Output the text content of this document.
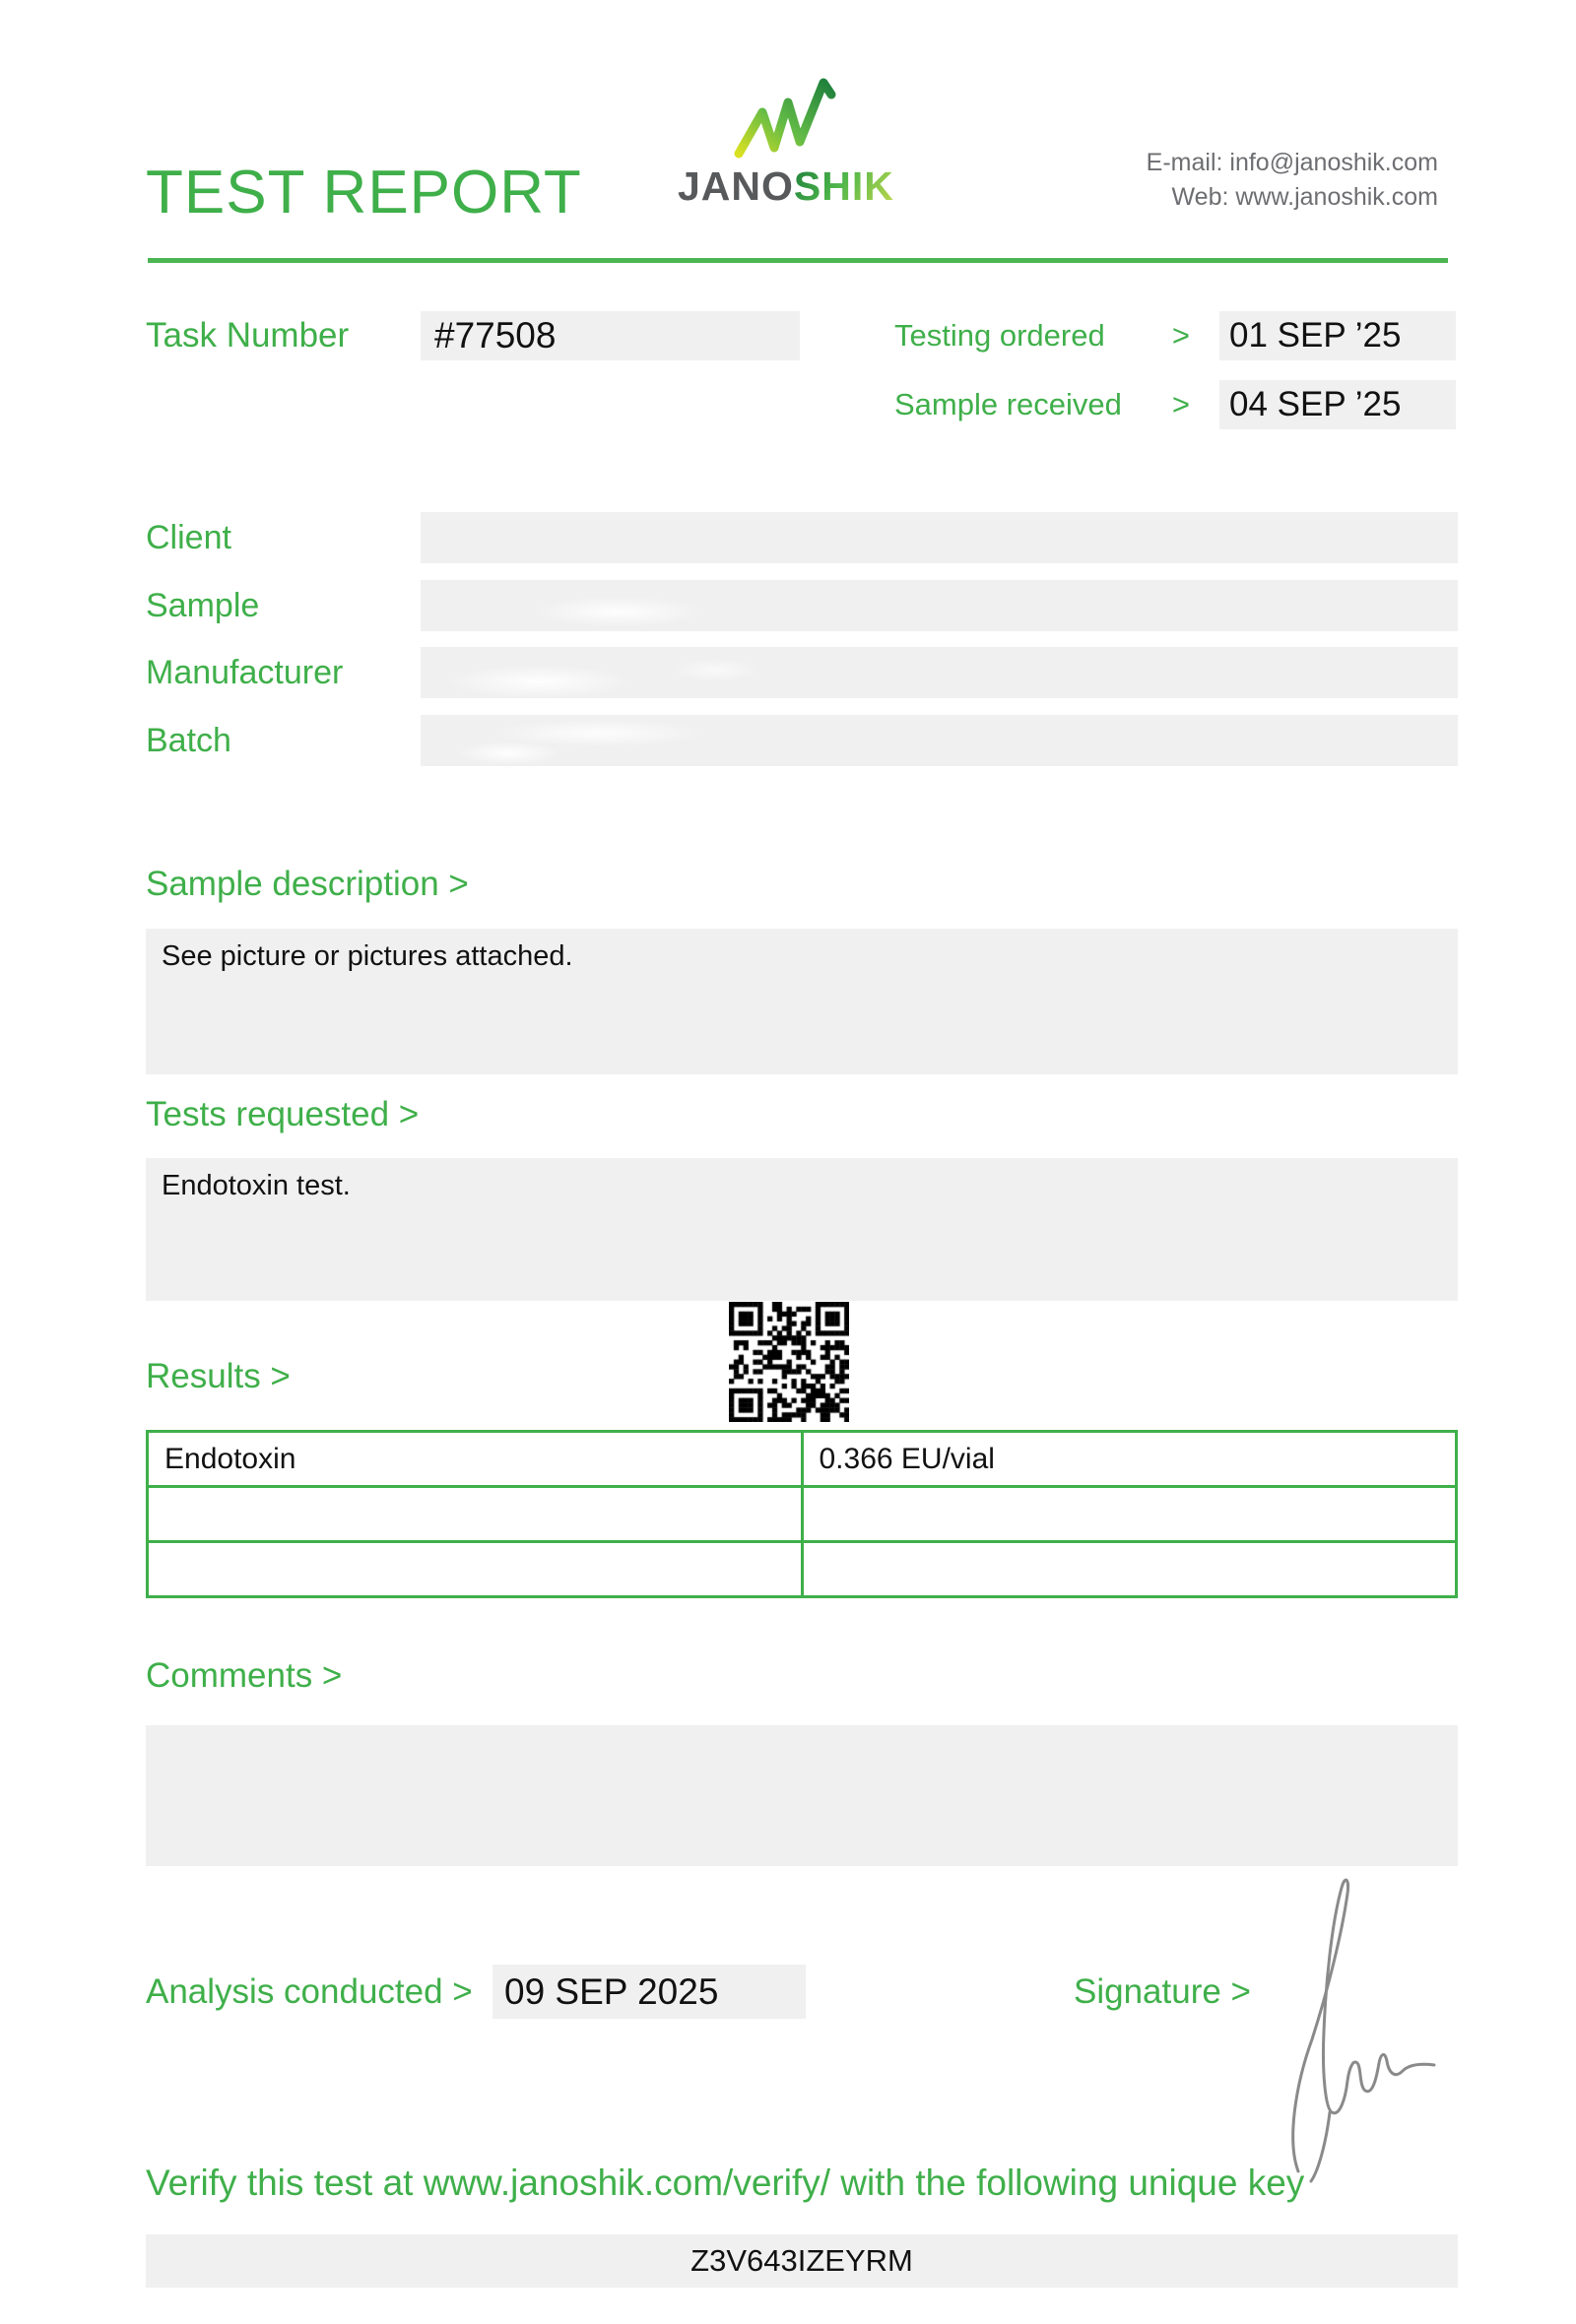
TEST REPORT JANOSHIK
E-mail: info@janoshik.com
Web: www.janoshik.com
Task Number	#77508	Testing ordered > 01 SEP ’25
Sample received > 04 SEP ’25
Client
Sample
Manufacturer
Batch
Sample description >
See picture or pictures attached.
Tests requested >
Endotoxin test.
Results >
Endotoxin	0.366 EU/vial

Comments >
Analysis conducted > 09 SEP 2025	Signature >
Verify this test at www.janoshik.com/verify/ with the following unique key
Z3V643IZEYRM
